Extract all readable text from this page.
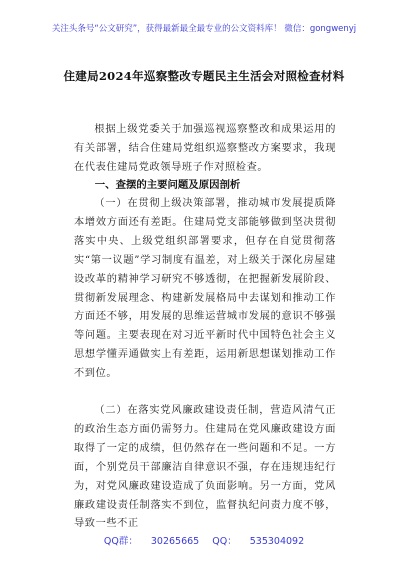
关注头条号“公文研究”，获得最新最全最专业的公文资料库！ 微信：gongwenyj
住建局2024年巡察整改专题民主生活会对照检查材料
根据上级党委关于加强巡视巡察整改和成果运用的有关部署，结合住建局党组织巡察整改方案要求，我现在代表住建局党政领导班子作对照检查。
一、查摆的主要问题及原因剖析
（一）在贯彻上级决策部署，推动城市发展提质降本增效方面还有差距。住建局党支部能够做到坚决贯彻落实中央、上级党组织部署要求，但存在自觉贯彻落实“第一议题”学习制度有温差，对上级关于深化房屋建设改革的精神学习研究不够透彻，在把握新发展阶段、贯彻新发展理念、构建新发展格局中去谋划和推动工作方面还不够，用发展的思维运营城市发展的意识不够强等问题。主要表现在对习近平新时代中国特色社会主义思想学懂弄通做实上有差距，运用新思想谋划推动工作不到位。
（二）在落实党风廉政建设责任制，营造风清气正的政治生态方面仍需努力。住建局在党风廉政建设方面取得了一定的成绩，但仍然存在一些问题和不足。一方面，个别党员干部廉洁自律意识不强，存在违规违纪行为，对党风廉政建设造成了负面影响。另一方面，党风廉政建设责任制落实不到位，监督执纪问责力度不够，导致一些不正
QQ群： 30265665 QQ： 535304092
